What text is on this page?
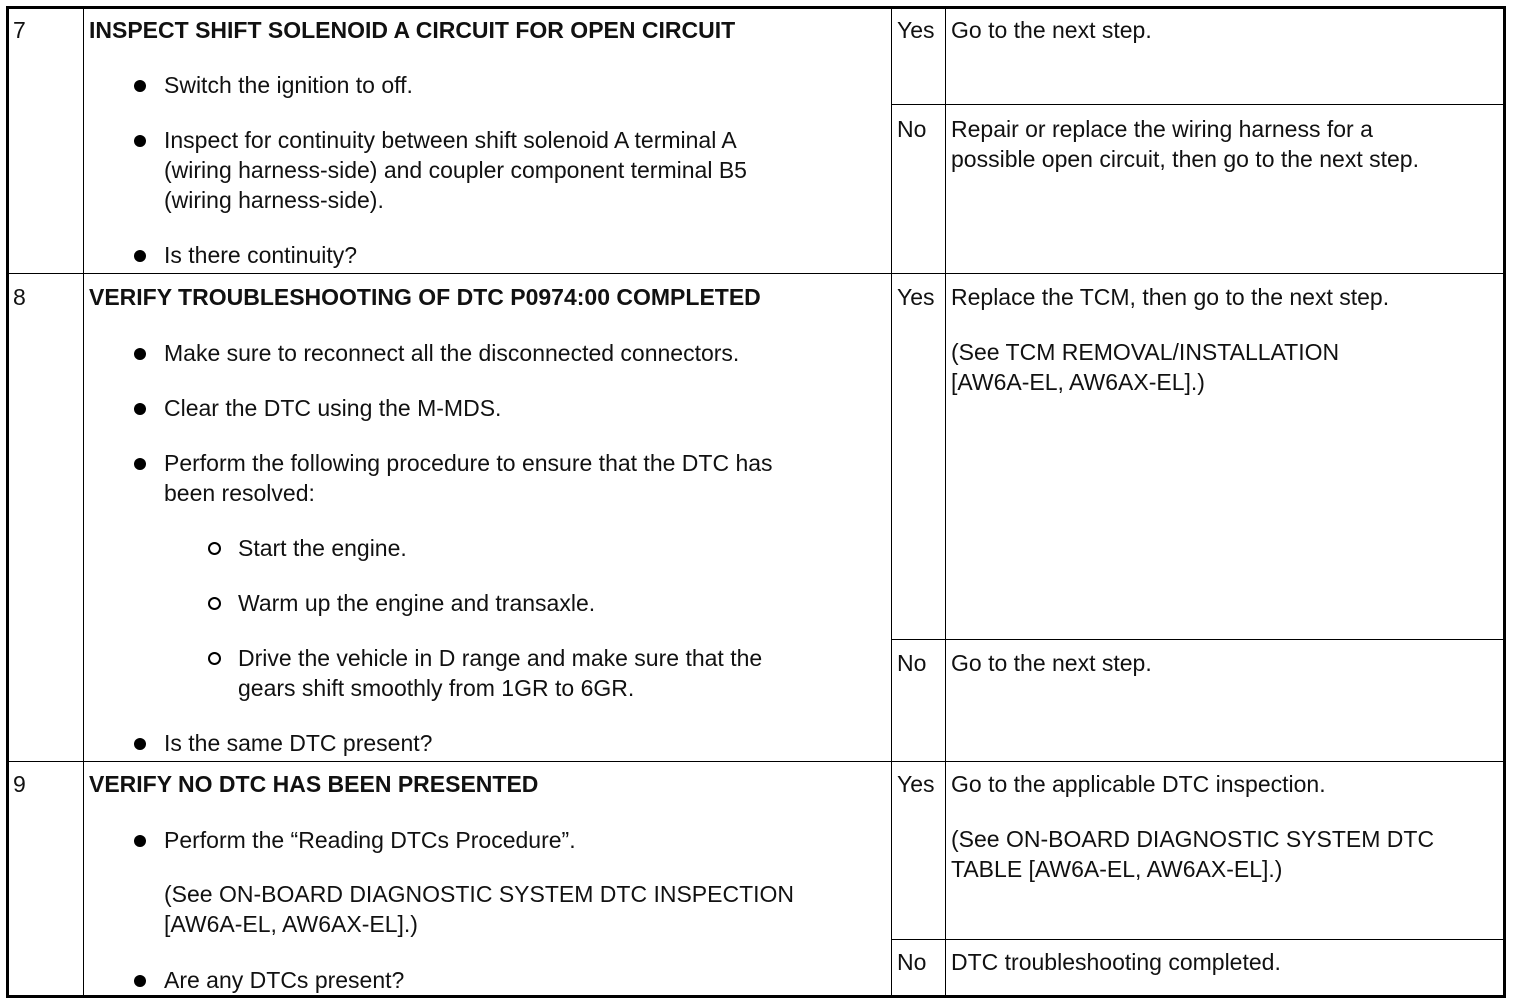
7	INSPECT SHIFT SOLENOID A CIRCUIT FOR OPEN CIRCUIT
Switch the ignition to off.
Inspect for continuity between shift solenoid A terminal A
(wiring harness-side) and coupler component terminal B5
(wiring harness-side).
Is there continuity?
Yes Go to the next step.
No Repair or replace the wiring harness for a
possible open circuit, then go to the next step.
8	VERIFY TROUBLESHOOTING OF DTC P0974:00 COMPLETED
Make sure to reconnect all the disconnected connectors.
Clear the DTC using the M-MDS.
Perform the following procedure to ensure that the DTC has
been resolved:
Start the engine.
Warm up the engine and transaxle.
Drive the vehicle in D range and make sure that the
gears shift smoothly from 1GR to 6GR.
Is the same DTC present?
Yes Replace the TCM, then go to the next step.
(See TCM REMOVAL/INSTALLATION
[AW6A-EL, AW6AX-EL].)
No Go to the next step.
9	VERIFY NO DTC HAS BEEN PRESENTED
Perform the “Reading DTCs Procedure”.
(See ON-BOARD DIAGNOSTIC SYSTEM DTC INSPECTION
[AW6A-EL, AW6AX-EL].)
Are any DTCs present?
Yes Go to the applicable DTC inspection.
(See ON-BOARD DIAGNOSTIC SYSTEM DTC
TABLE [AW6A-EL, AW6AX-EL].)
No DTC troubleshooting completed.
